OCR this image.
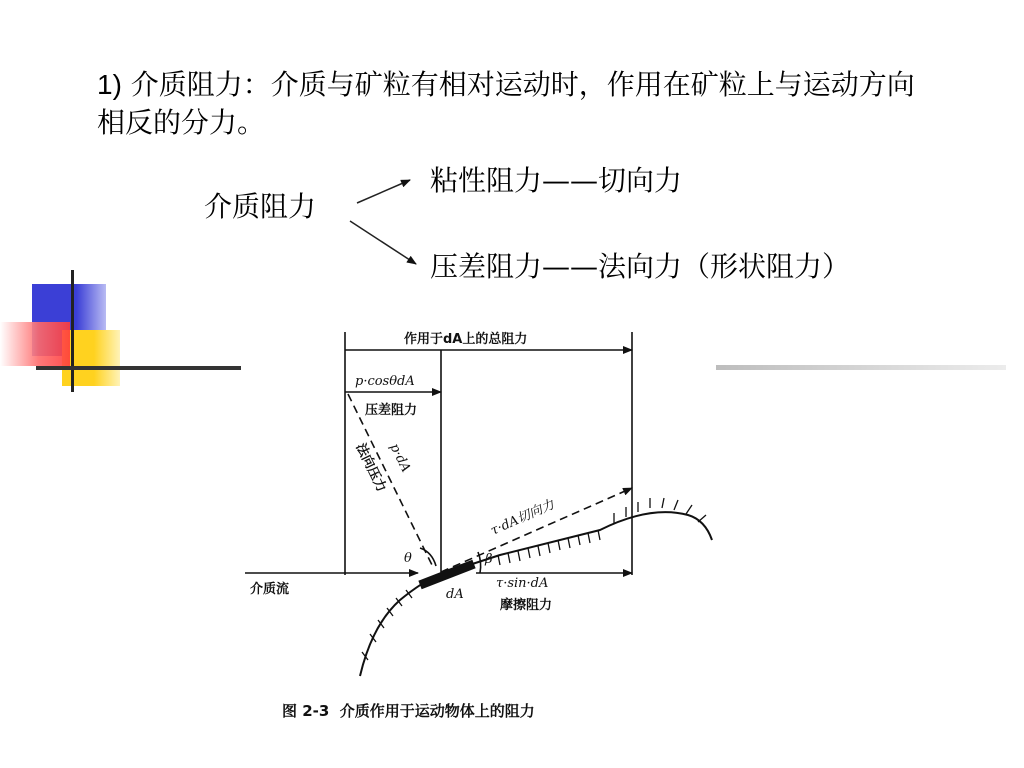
1) 介质阻力：介质与矿粒有相对运动时，作用在矿粒上与运动方向相反的分力。
介质阻力
粘性阻力——切向力
压差阻力——法向力（形状阻力）
作用于dA上的总阻力
p·cosθdA
压差阻力
p·dA
法向压力
τ·dA切向力
τ·sin·dA
摩擦阻力
介质流	dA
θ	β
图 2-3  介质作用于运动物体上的阻力
